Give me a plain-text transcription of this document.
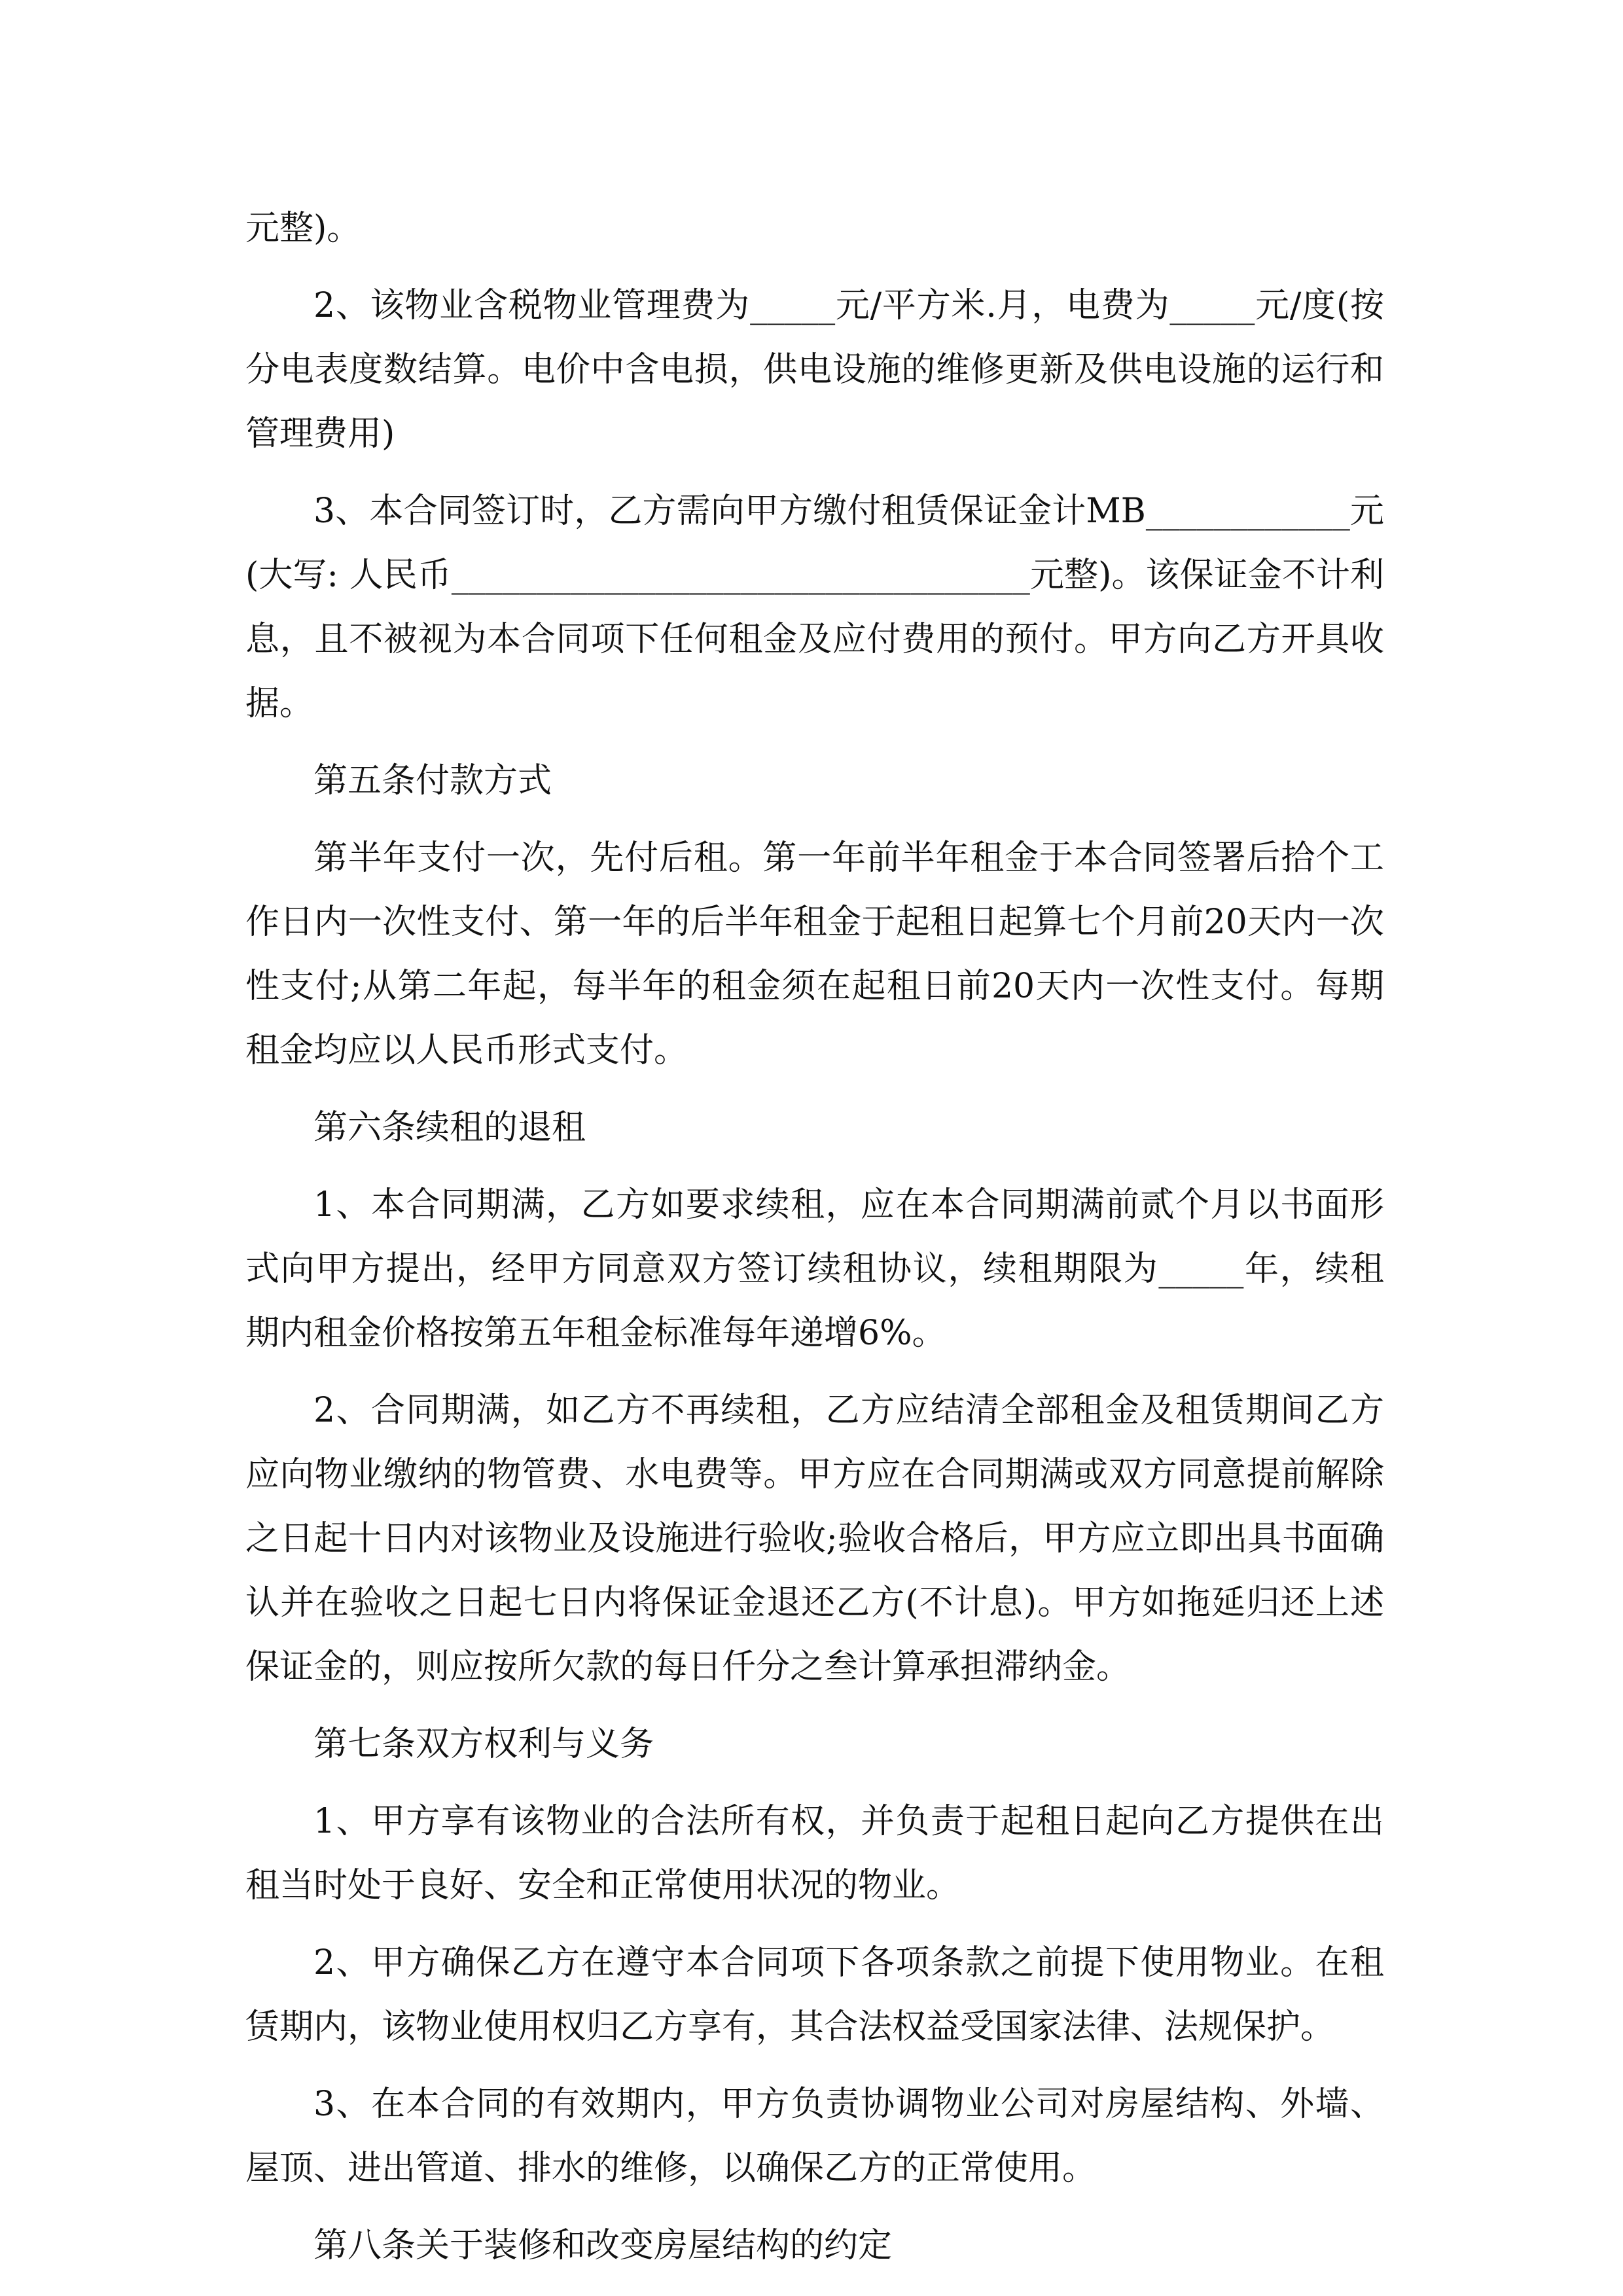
元整)。

2、该物业含税物业管理费为_____元/平方米.月，电费为_____元/度(按分电表度数结算。电价中含电损，供电设施的维修更新及供电设施的运行和管理费用)

3、本合同签订时，乙方需向甲方缴付租赁保证金计MB____________元(大写: 人民币__________________________________元整)。该保证金不计利息，且不被视为本合同项下任何租金及应付费用的预付。甲方向乙方开具收据。

第五条付款方式

第半年支付一次，先付后租。第一年前半年租金于本合同签署后拾个工作日内一次性支付、第一年的后半年租金于起租日起算七个月前20天内一次性支付;从第二年起，每半年的租金须在起租日前20天内一次性支付。每期租金均应以人民币形式支付。

第六条续租的退租

1、本合同期满，乙方如要求续租，应在本合同期满前贰个月以书面形式向甲方提出，经甲方同意双方签订续租协议，续租期限为_____年，续租期内租金价格按第五年租金标准每年递增6%。

2、合同期满，如乙方不再续租，乙方应结清全部租金及租赁期间乙方应向物业缴纳的物管费、水电费等。甲方应在合同期满或双方同意提前解除之日起十日内对该物业及设施进行验收;验收合格后，甲方应立即出具书面确认并在验收之日起七日内将保证金退还乙方(不计息)。甲方如拖延归还上述保证金的，则应按所欠款的每日仟分之叁计算承担滞纳金。

第七条双方权利与义务

1、甲方享有该物业的合法所有权，并负责于起租日起向乙方提供在出租当时处于良好、安全和正常使用状况的物业。

2、甲方确保乙方在遵守本合同项下各项条款之前提下使用物业。在租赁期内，该物业使用权归乙方享有，其合法权益受国家法律、法规保护。

3、在本合同的有效期内，甲方负责协调物业公司对房屋结构、外墙、屋顶、进出管道、排水的维修，以确保乙方的正常使用。

第八条关于装修和改变房屋结构的约定
